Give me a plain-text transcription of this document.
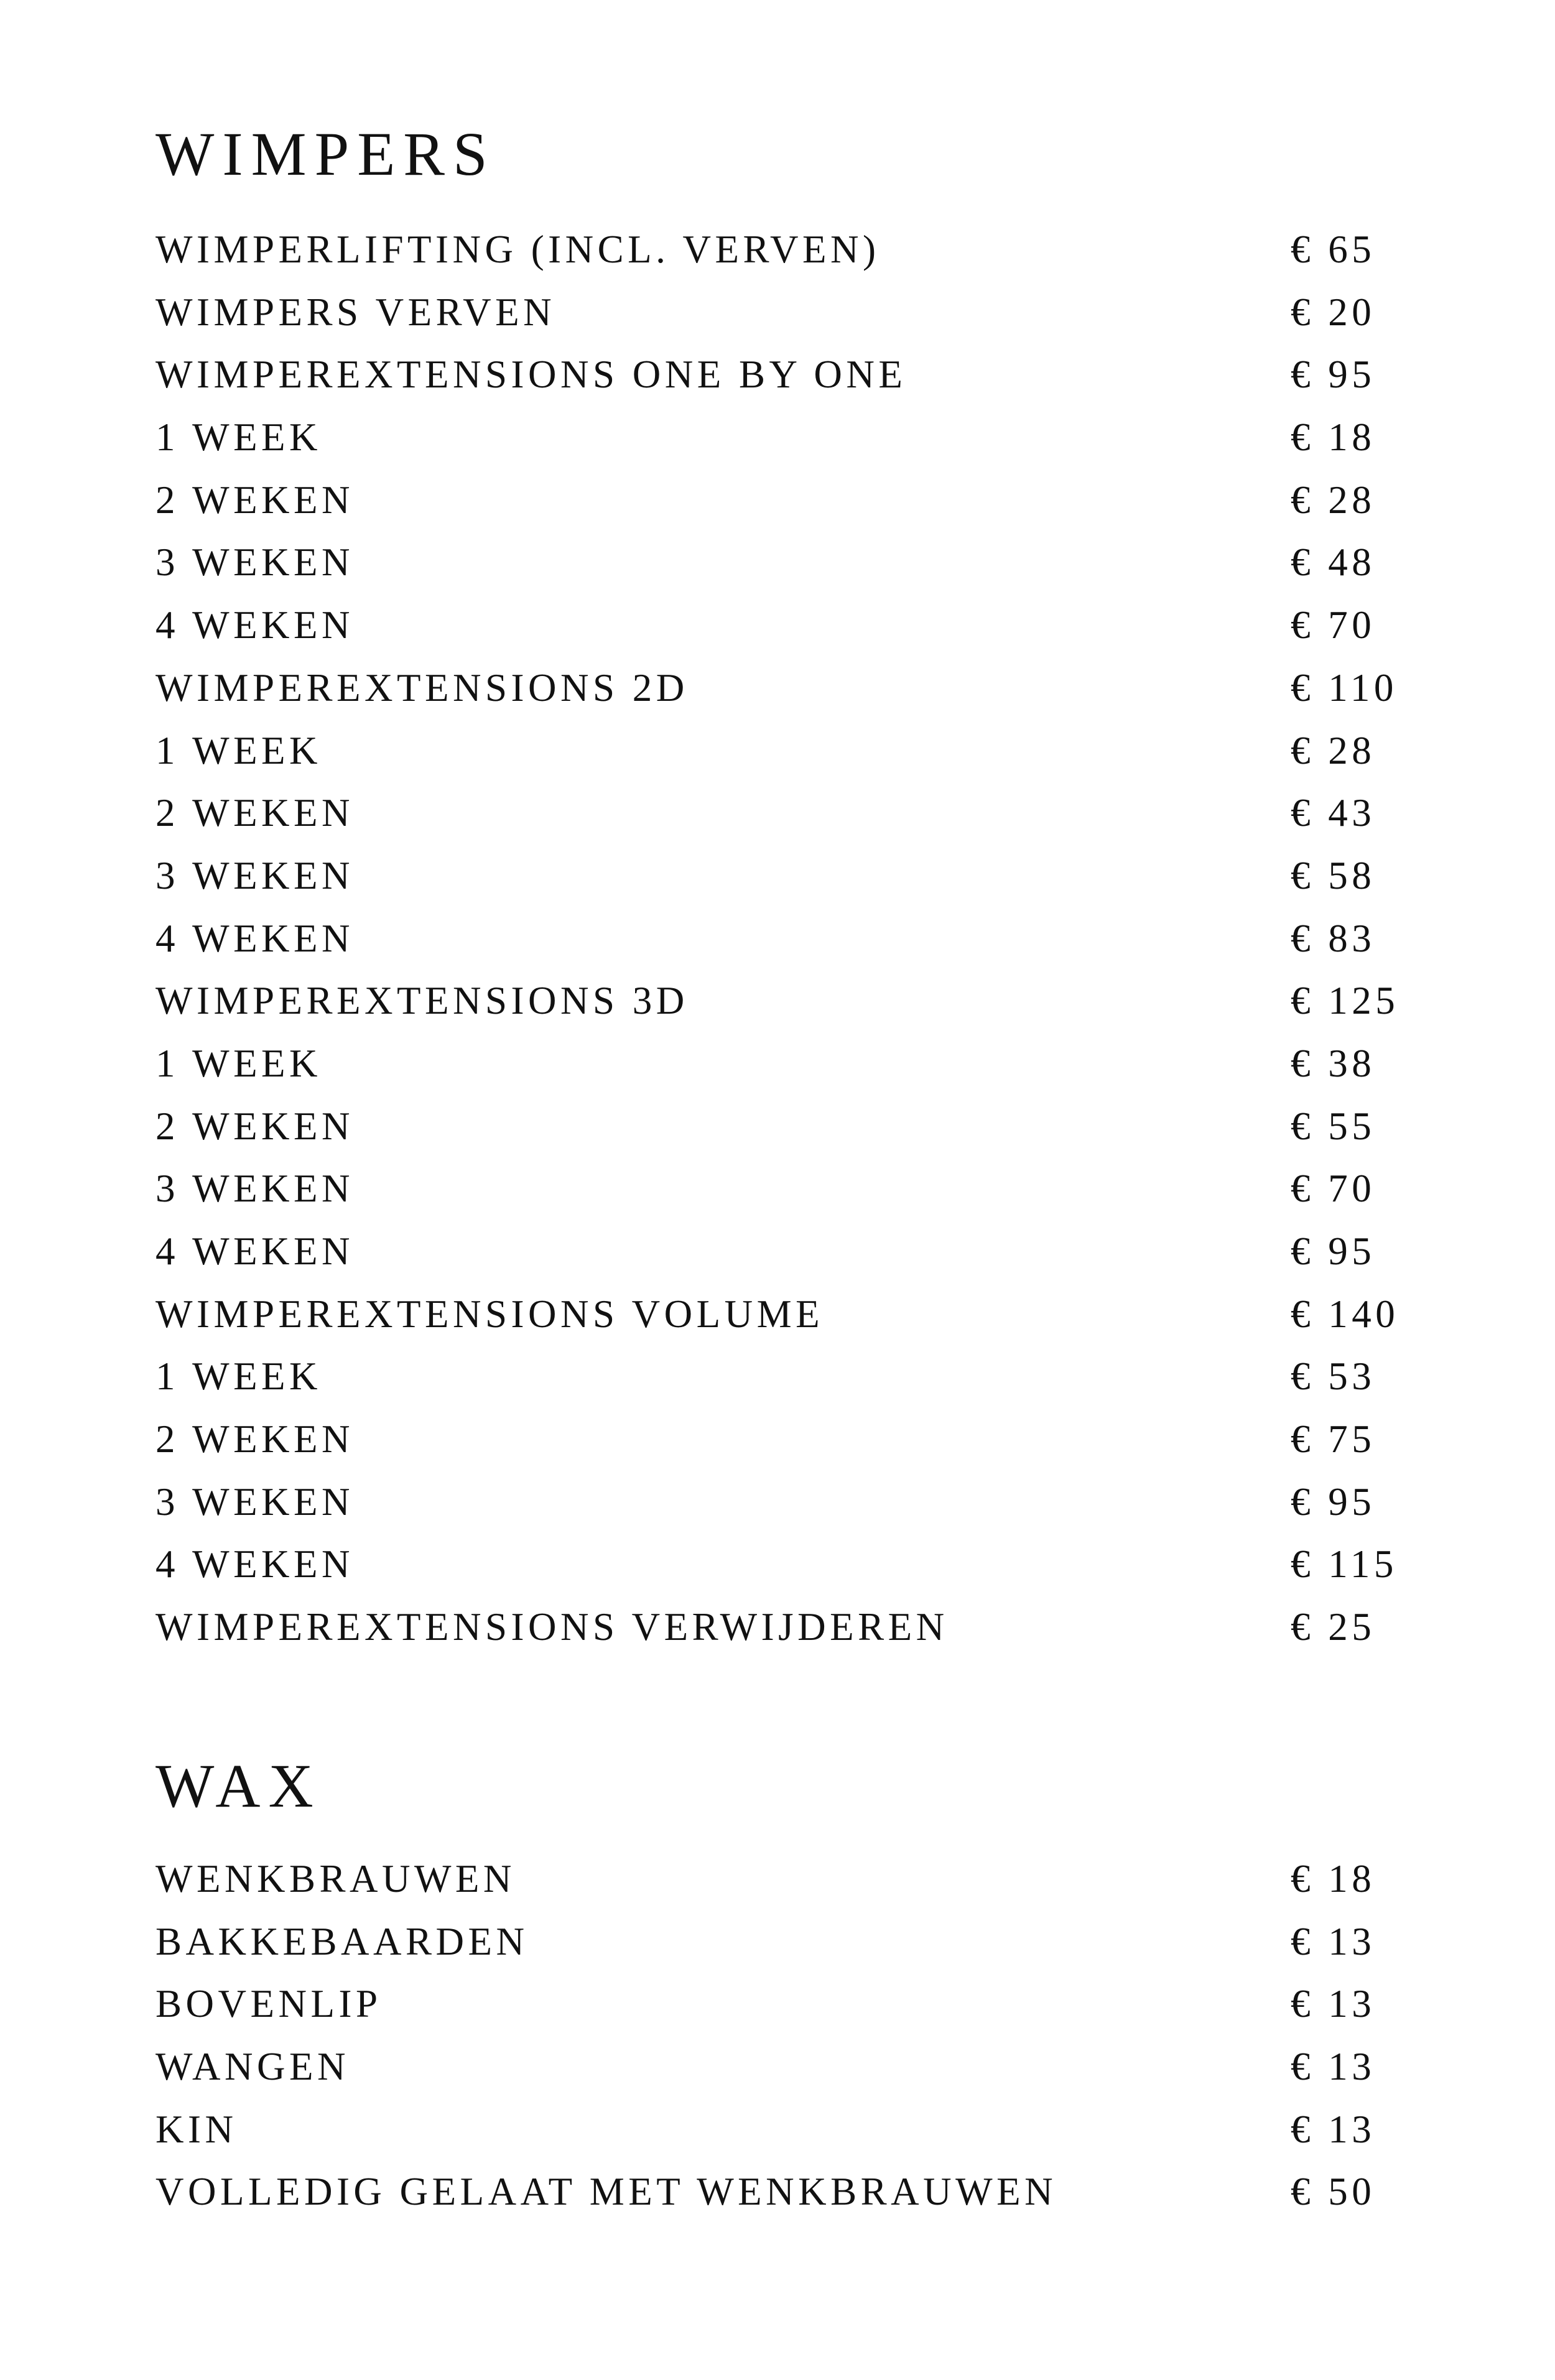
WIMPERS
WIMPERLIFTING (INCL. VERVEN)	€ 65
WIMPERS VERVEN	€ 20
WIMPEREXTENSIONS ONE BY ONE	€ 95
1 WEEK	€ 18
2 WEKEN	€ 28
3 WEKEN	€ 48
4 WEKEN	€ 70
WIMPEREXTENSIONS 2D	€ 110
1 WEEK	€ 28
2 WEKEN	€ 43
3 WEKEN	€ 58
4 WEKEN	€ 83
WIMPEREXTENSIONS 3D	€ 125
1 WEEK	€ 38
2 WEKEN	€ 55
3 WEKEN	€ 70
4 WEKEN	€ 95
WIMPEREXTENSIONS VOLUME	€ 140
1 WEEK	€ 53
2 WEKEN	€ 75
3 WEKEN	€ 95
4 WEKEN	€ 115
WIMPEREXTENSIONS VERWIJDEREN	€ 25
WAX
WENKBRAUWEN	€ 18
BAKKEBAARDEN	€ 13
BOVENLIP	€ 13
WANGEN	€ 13
KIN	€ 13
VOLLEDIG GELAAT MET WENKBRAUWEN	€ 50
